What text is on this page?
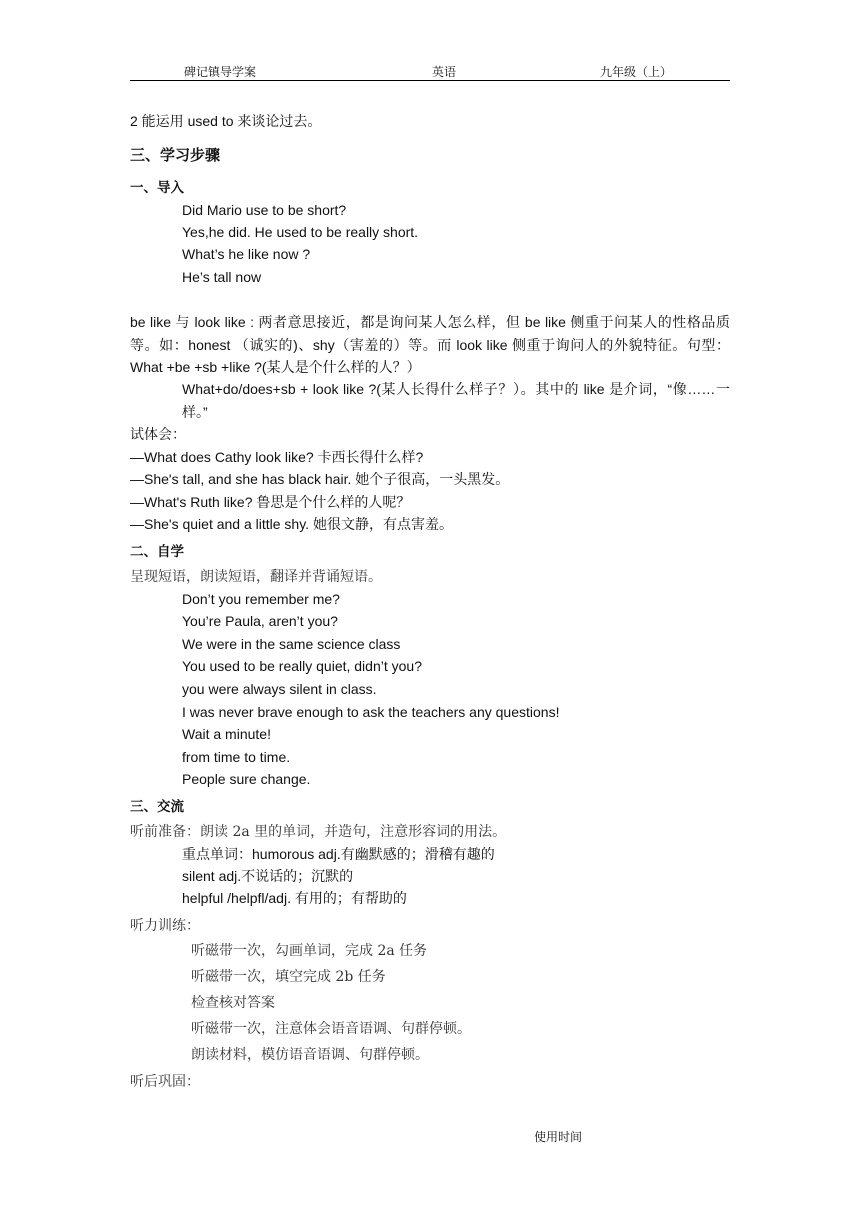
碑记镇导学案	英语	九年级（上）
2 能运用 used to 来谈论过去。
三、学习步骤
一、导入
Did Mario use to be short?
Yes,he did. He used to be really short.
What’s he like now ?
He’s tall now
be like 与 look like : 两者意思接近，都是询问某人怎么样，但 be like 侧重于问某人的性格品质等。如：honest （诚实的)、shy（害羞的）等。而 look like 侧重于询问人的外貌特征。句型：What +be +sb +like ?(某人是个什么样的人？）
What+do/does+sb + look like ?(某人长得什么样子？）。其中的 like 是介词，“像……一样。”
试体会：
—What does Cathy look like? 卡西长得什么样?
—She's tall, and she has black hair. 她个子很高，一头黑发。
—What's Ruth like? 鲁思是个什么样的人呢？
—She's quiet and a little shy. 她很文静，有点害羞。
二、自学
呈现短语，朗读短语，翻译并背诵短语。
Don’t you remember me?
You’re Paula, aren’t you?
We were in the same science class
You used to be really quiet, didn’t you?
you were always silent in class.
I was never brave enough to ask the teachers any questions!
Wait a minute!
from time to time.
People sure change.
三、交流
听前准备：朗读 2a 里的单词，并造句，注意形容词的用法。
重点单词：humorous adj.有幽默感的；滑稽有趣的
silent adj.不说话的；沉默的
helpful /helpfl/adj. 有用的；有帮助的
听力训练：
听磁带一次，勾画单词，完成 2a 任务
听磁带一次，填空完成 2b 任务
检查核对答案
听磁带一次，注意体会语音语调、句群停顿。
朗读材料，模仿语音语调、句群停顿。
听后巩固：
使用时间
